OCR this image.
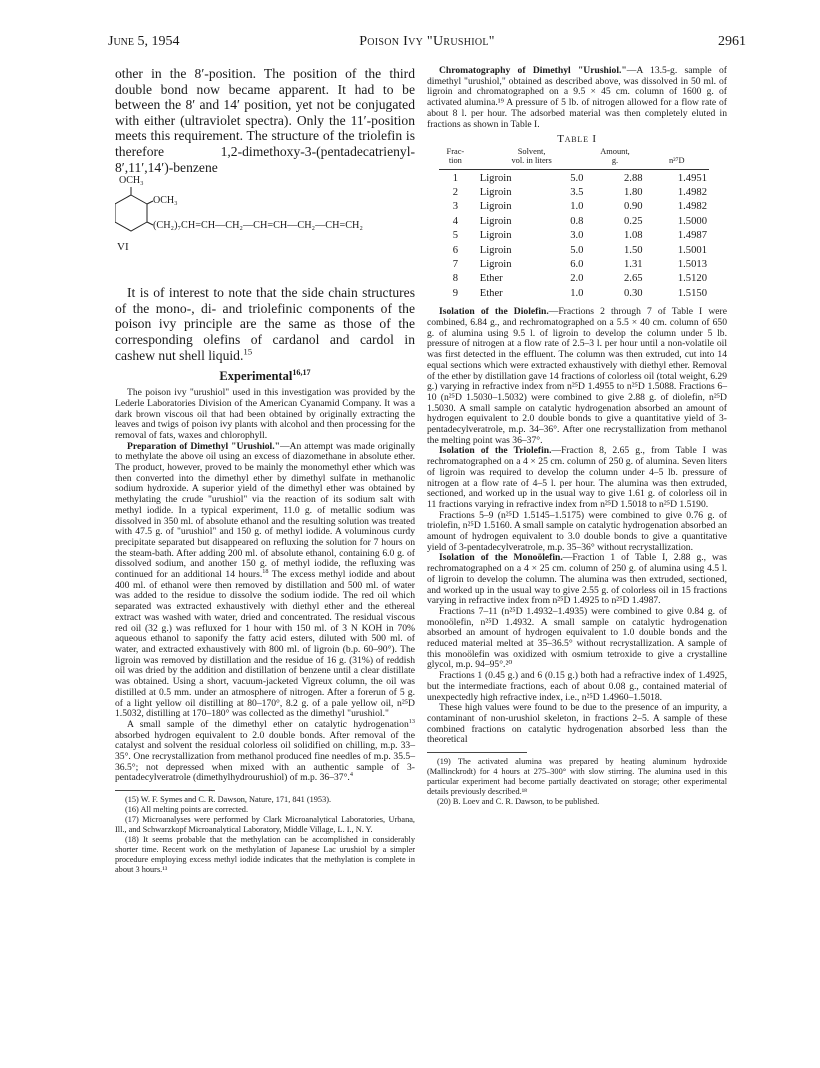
June 5, 1954	Poison Ivy "Urushiol"	2961

other in the 8′-position. The position of the third double bond now became apparent. It had to be between the 8′ and 14′ position, yet not be conjugated with either (ultraviolet spectra). Only the 11′-position meets this requirement. The structure of the triolefin is therefore 1,2-dimethoxy-3-(pentadecatrienyl-8′,11′,14′)-benzene

OCH₃
OCH₃
(CH₂)₇CH=CH—CH₂—CH=CH—CH₂—CH=CH₂
VI

It is of interest to note that the side chain structures of the mono-, di- and triolefinic components of the poison ivy principle are the same as those of the corresponding olefins of cardanol and cardol in cashew nut shell liquid.$^{15}$

Experimental$^{16,17}$

The poison ivy "urushiol" used in this investigation was provided by the Lederle Laboratories Division of the American Cyanamid Company. It was a dark brown viscous oil that had been obtained by originally extracting the leaves and twigs of poison ivy plants with alcohol and then processing for the removal of fats, waxes and chlorophyll.

Preparation of Dimethyl "Urushiol."—An attempt was made originally to methylate the above oil using an excess of diazomethane in absolute ether. The product, however, proved to be mainly the monomethyl ether which was then converted into the dimethyl ether by dimethyl sulfate in methanolic sodium hydroxide. A superior yield of the dimethyl ether was obtained by methylating the crude "urushiol" via the reaction of its sodium salt with methyl iodide. In a typical experiment, 11.0 g. of metallic sodium was dissolved in 350 ml. of absolute ethanol and the resulting solution was treated with 47.5 g. of "urushiol" and 150 g. of methyl iodide. A voluminous curdy precipitate separated but disappeared on refluxing the solution for 7 hours on the steam-bath. After adding 200 ml. of absolute ethanol, containing 6.0 g. of dissolved sodium, and another 150 g. of methyl iodide, the refluxing was continued for an additional 14 hours.$^{18}$ The excess methyl iodide and about 400 ml. of ethanol were then removed by distillation and 500 ml. of water was added to the residue to dissolve the sodium iodide. The red oil which separated was extracted exhaustively with diethyl ether and the ethereal extract was washed with water, dried and concentrated. The residual viscous red oil (32 g.) was refluxed for 1 hour with 150 ml. of 3 N KOH in 70% aqueous ethanol to saponify the fatty acid esters, diluted with 500 ml. of water, and extracted exhaustively with 800 ml. of ligroin (b.p. 60–90°). The ligroin was removed by distillation and the residue of 16 g. (31%) of reddish oil was dried by the addition and distillation of benzene until a clear distillate was obtained. Using a short, vacuum-jacketed Vigreux column, the oil was distilled at 0.5 mm. under an atmosphere of nitrogen. After a forerun of 5 g. of a light yellow oil distilling at 80–170°, 8.2 g. of a pale yellow oil, n²⁵D 1.5032, distilling at 170–180° was collected as the dimethyl "urushiol."

A small sample of the dimethyl ether on catalytic hydrogenation$^{13}$ absorbed hydrogen equivalent to 2.0 double bonds. After removal of the catalyst and solvent the residual colorless oil solidified on chilling, m.p. 33–35°. One recrystallization from methanol produced fine needles of m.p. 35.5–36.5°; not depressed when mixed with an authentic sample of 3-pentadecylveratrole (dimethylhydrourushiol) of m.p. 36–37°.$^4$

(15) W. F. Symes and C. R. Dawson, Nature, 171, 841 (1953).

(16) All melting points are corrected.

(17) Microanalyses were performed by Clark Microanalytical Laboratories, Urbana, Ill., and Schwarzkopf Microanalytical Laboratory, Middle Village, L. I., N. Y.

(18) It seems probable that the methylation can be accomplished in considerably shorter time. Recent work on the methylation of Japanese Lac urushiol by a simpler procedure employing excess methyl iodide indicates that the methylation is complete in about 3 hours.¹³

Chromatography of Dimethyl "Urushiol."—A 13.5-g. sample of dimethyl "urushiol," obtained as described above, was dissolved in 50 ml. of ligroin and chromatographed on a 9.5 × 45 cm. column of 1600 g. of activated alumina.¹⁹ A pressure of 5 lb. of nitrogen allowed for a flow rate of about 8 l. per hour. The adsorbed material was then completely eluted in fractions as shown in Table I.

Table I
Frac-
tion	Solvent,
vol. in liters		Amount,
g.	n²⁷D
1	Ligroin	5.0	2.88	1.4951
2	Ligroin	3.5	1.80	1.4982
3	Ligroin	1.0	0.90	1.4982
4	Ligroin	0.8	0.25	1.5000
5	Ligroin	3.0	1.08	1.4987
6	Ligroin	5.0	1.50	1.5001
7	Ligroin	6.0	1.31	1.5013
8	Ether	2.0	2.65	1.5120
9	Ether	1.0	0.30	1.5150

Isolation of the Diolefin.—Fractions 2 through 7 of Table I were combined, 6.84 g., and rechromatographed on a 5.5 × 40 cm. column of 650 g. of alumina using 9.5 l. of ligroin to develop the column under 5 lb. pressure of nitrogen at a flow rate of 2.5–3 l. per hour until a non-volatile oil was first detected in the effluent. The column was then extruded, cut into 14 equal sections which were extracted exhaustively with diethyl ether. Removal of the ether by distillation gave 14 fractions of colorless oil (total weight, 6.29 g.) varying in refractive index from n²⁵D 1.4955 to n²⁵D 1.5088. Fractions 6–10 (n²⁵D 1.5030–1.5032) were combined to give 2.88 g. of diolefin, n²⁵D 1.5030. A small sample on catalytic hydrogenation absorbed an amount of hydrogen equivalent to 2.0 double bonds to give a quantitative yield of 3-pentadecylveratrole, m.p. 34–36°. After one recrystallization from methanol the melting point was 36–37°.

Isolation of the Triolefin.—Fraction 8, 2.65 g., from Table I was rechromatographed on a 4 × 25 cm. column of 250 g. of alumina. Seven liters of ligroin was required to develop the column under 4–5 lb. pressure of nitrogen at a flow rate of 4–5 l. per hour. The alumina was then extruded, sectioned, and worked up in the usual way to give 1.61 g. of colorless oil in 11 fractions varying in refractive index from n²⁵D 1.5018 to n²⁵D 1.5190.

Fractions 5–9 (n²⁵D 1.5145–1.5175) were combined to give 0.76 g. of triolefin, n²⁵D 1.5160. A small sample on catalytic hydrogenation absorbed an amount of hydrogen equivalent to 3.0 double bonds to give a quantitative yield of 3-pentadecylveratrole, m.p. 35–36° without recrystallization.

Isolation of the Monoölefin.—Fraction 1 of Table I, 2.88 g., was rechromatographed on a 4 × 25 cm. column of 250 g. of alumina using 4.5 l. of ligroin to develop the column. The alumina was then extruded, sectioned, and worked up in the usual way to give 2.55 g. of colorless oil in 15 fractions varying in refractive index from n²⁵D 1.4925 to n²⁵D 1.4987.

Fractions 7–11 (n²⁵D 1.4932–1.4935) were combined to give 0.84 g. of monoölefin, n²⁵D 1.4932. A small sample on catalytic hydrogenation absorbed an amount of hydrogen equivalent to 1.0 double bonds and the reduced material melted at 35–36.5° without recrystallization. A sample of this monoölefin was oxidized with osmium tetroxide to give a crystalline glycol, m.p. 94–95°.²⁰

Fractions 1 (0.45 g.) and 6 (0.15 g.) both had a refractive index of 1.4925, but the intermediate fractions, each of about 0.08 g., contained material of unexpectedly high refractive index, i.e., n²⁵D 1.4960–1.5018.

These high values were found to be due to the presence of an impurity, a contaminant of non-urushiol skeleton, in fractions 2–5. A sample of these combined fractions on catalytic hydrogenation absorbed less than the theoretical

(19) The activated alumina was prepared by heating aluminum hydroxide (Mallinckrodt) for 4 hours at 275–300° with slow stirring. The alumina used in this particular experiment had become partially deactivated on storage; other experimental details previously described.¹⁸

(20) B. Loev and C. R. Dawson, to be published.
